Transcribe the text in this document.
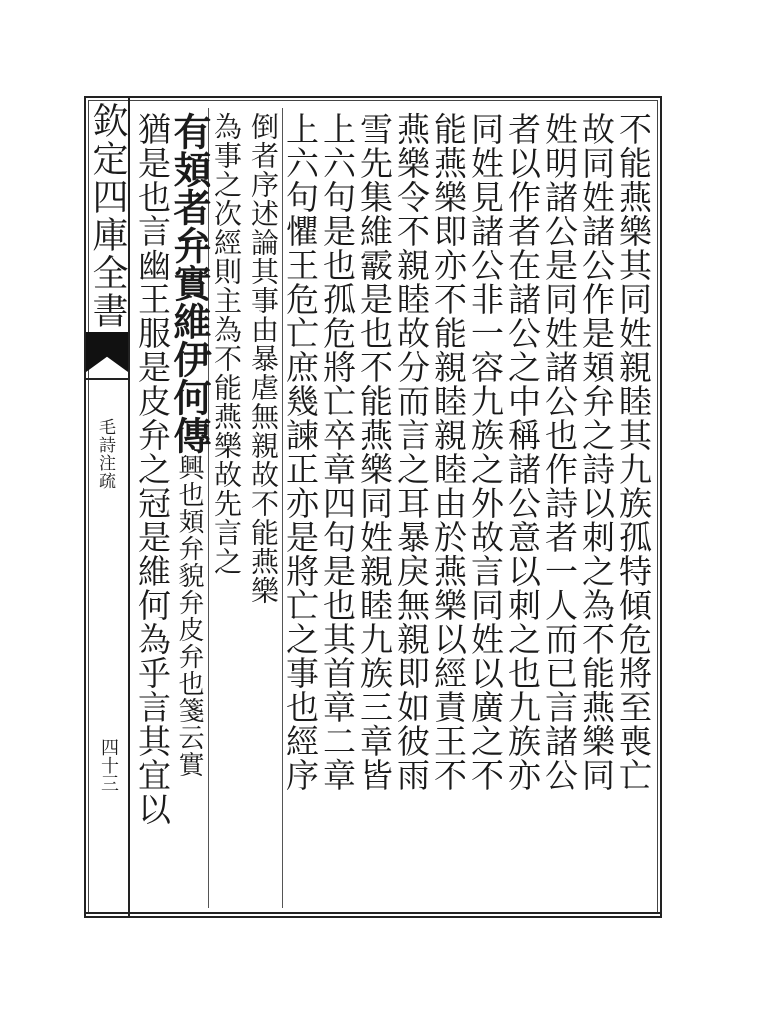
欽定四庫全書
毛詩注疏
四十三	不能燕樂其同姓親睦其九族孤特傾危將至喪亡
故同姓諸公作是頍弁之詩以刺之為不能燕樂同
姓明諸公是同姓諸公也作詩者一人而已言諸公
者以作者在諸公之中稱諸公意以刺之也九族亦
同姓見諸公非一容九族之外故言同姓以廣之不
能燕樂即亦不能親睦親睦由於燕樂以經責王不
燕樂令不親睦故分而言之耳暴戾無親即如彼雨
雪先集維霰是也不能燕樂同姓親睦九族三章皆
上六句是也孤危將亡卒章四句是也其首章二章
上六句懼王危亡庶幾諫正亦是將亡之事也經序
倒者序述論其事由暴虐無親故不能燕樂
為事之次經則主為不能燕樂故先言之
有頍者弁實維伊何傳興也頍弁貌弁皮弁也箋云實
猶是也言幽王服是皮弁之冠是維何為乎言其宜以
